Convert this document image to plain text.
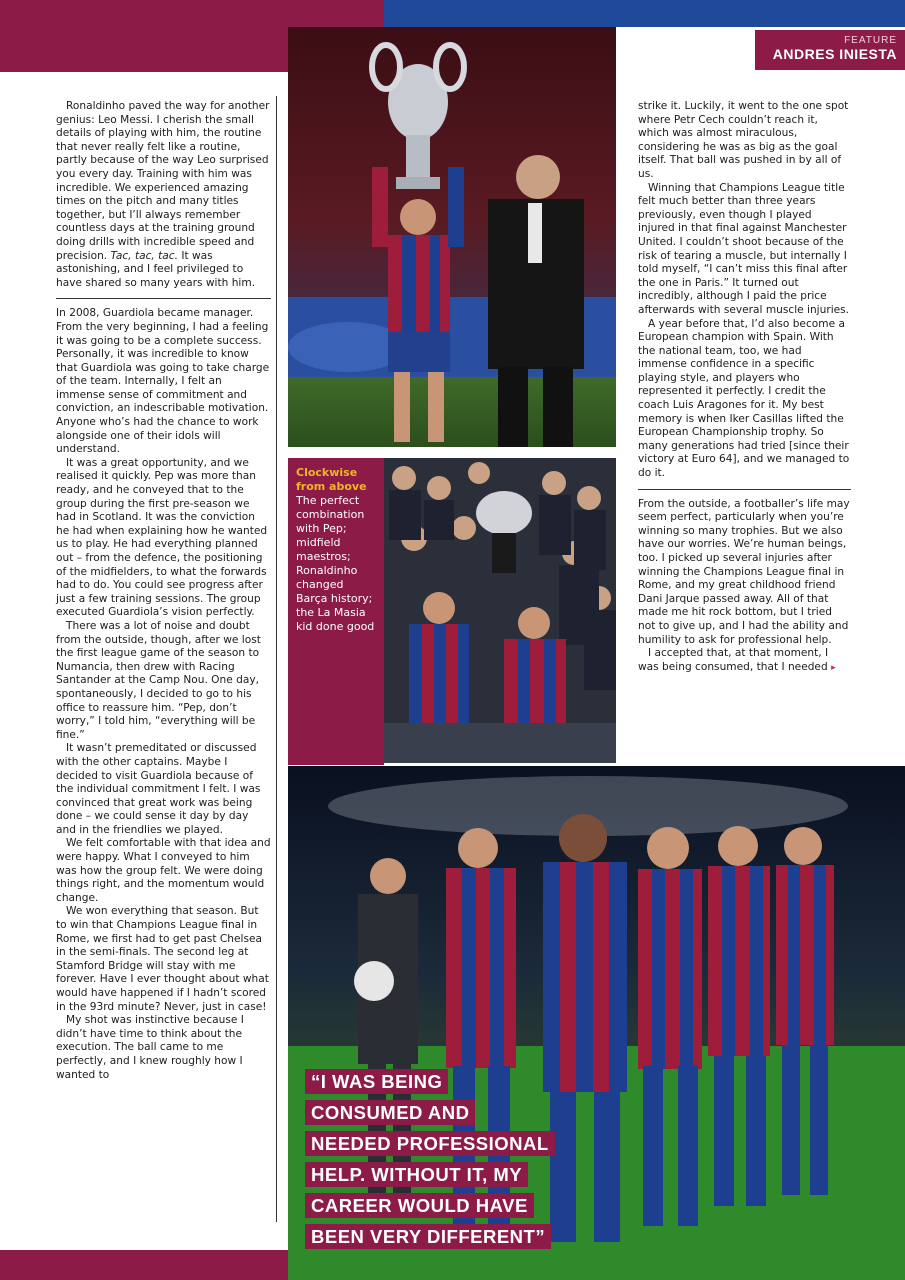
FEATURE
ANDRES INIESTA

Ronaldinho paved the way for another genius: Leo Messi. I cherish the small details of playing with him, the routine that never really felt like a routine, partly because of the way Leo surprised you every day. Training with him was incredible. We experienced amazing times on the pitch and many titles together, but I’ll always remember countless days at the training ground doing drills with incredible speed and precision. Tac, tac, tac. It was astonishing, and I feel privileged to have shared so many years with him.

In 2008, Guardiola became manager. From the very beginning, I had a feeling it was going to be a complete success. Personally, it was incredible to know that Guardiola was going to take charge of the team. Internally, I felt an immense sense of commitment and conviction, an indescribable motivation. Anyone who’s had the chance to work alongside one of their idols will understand.

It was a great opportunity, and we realised it quickly. Pep was more than ready, and he conveyed that to the group during the first pre-season we had in Scotland. It was the conviction he had when explaining how he wanted us to play. He had everything planned out – from the defence, the positioning of the midfielders, to what the forwards had to do. You could see progress after just a few training sessions. The group executed Guardiola’s vision perfectly.

There was a lot of noise and doubt from the outside, though, after we lost the first league game of the season to Numancia, then drew with Racing Santander at the Camp Nou. One day, spontaneously, I decided to go to his office to reassure him. “Pep, don’t worry,” I told him, “everything will be fine.”

It wasn’t premeditated or discussed with the other captains. Maybe I decided to visit Guardiola because of the individual commitment I felt. I was convinced that great work was being done – we could sense it day by day and in the friendlies we played.

We felt comfortable with that idea and were happy. What I conveyed to him was how the group felt. We were doing things right, and the momentum would change.

We won everything that season. But to win that Champions League final in Rome, we first had to get past Chelsea in the semi-finals. The second leg at Stamford Bridge will stay with me forever. Have I ever thought about what would have happened if I hadn’t scored in the 93rd minute? Never, just in case!

My shot was instinctive because I didn’t have time to think about the execution. The ball came to me perfectly, and I knew roughly how I wanted to

strike it. Luckily, it went to the one spot where Petr Cech couldn’t reach it, which was almost miraculous, considering he was as big as the goal itself. That ball was pushed in by all of us.

Winning that Champions League title felt much better than three years previously, even though I played injured in that final against Manchester United. I couldn’t shoot because of the risk of tearing a muscle, but internally I told myself, “I can’t miss this final after the one in Paris.” It turned out incredibly, although I paid the price afterwards with several muscle injuries.

A year before that, I’d also become a European champion with Spain. With the national team, too, we had immense confidence in a specific playing style, and players who represented it perfectly. I credit the coach Luis Aragones for it. My best memory is when Iker Casillas lifted the European Championship trophy. So many generations had tried [since their victory at Euro 64], and we managed to do it.

From the outside, a footballer’s life may seem perfect, particularly when you’re winning so many trophies. But we also have our worries. We’re human beings, too. I picked up several injuries after winning the Champions League final in Rome, and my great childhood friend Dani Jarque passed away. All of that made me hit rock bottom, but I tried not to give up, and I had the ability and humility to ask for professional help.

I accepted that, at that moment, I was being consumed, that I needed ▸

Clockwise from above
The perfect combination with Pep; midfield maestros; Ronaldinho changed Barça history; the La Masia kid done good
“I WAS BEING CONSUMED AND NEEDED PROFESSIONAL HELP. WITHOUT IT, MY CAREER WOULD HAVE BEEN VERY DIFFERENT”
